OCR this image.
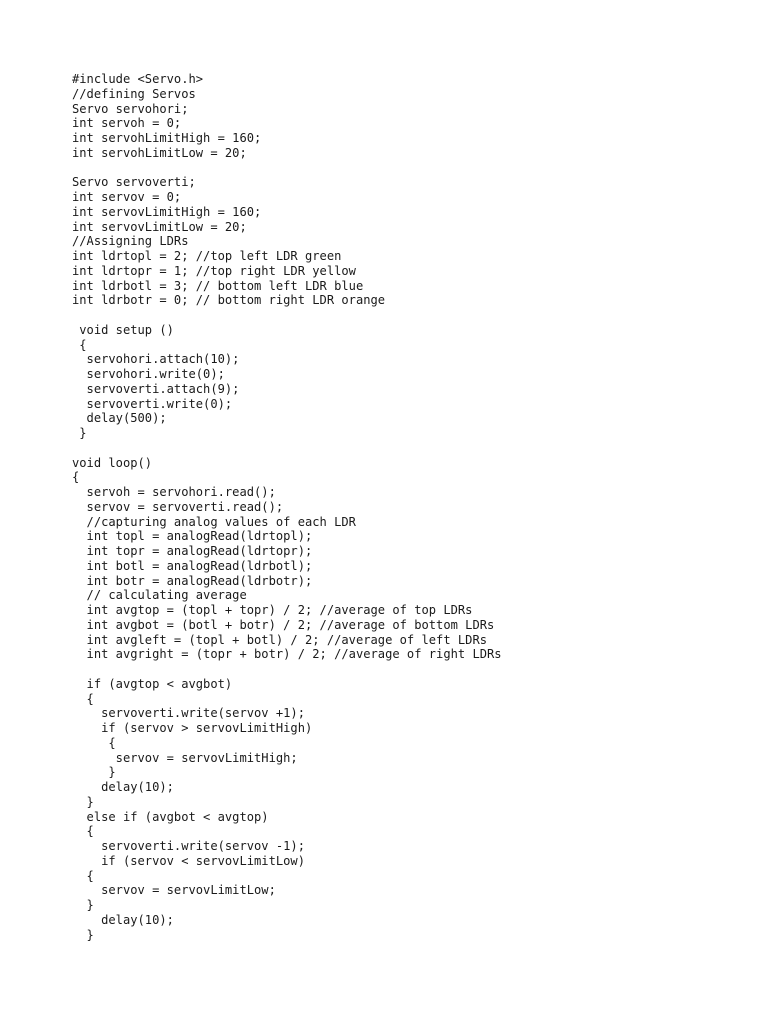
#include <Servo.h>
//defining Servos
Servo servohori;
int servoh = 0;
int servohLimitHigh = 160;
int servohLimitLow = 20;
Servo servoverti;
int servov = 0;
int servovLimitHigh = 160;
int servovLimitLow = 20;
//Assigning LDRs
int ldrtopl = 2; //top left LDR green
int ldrtopr = 1; //top right LDR yellow
int ldrbotl = 3; // bottom left LDR blue
int ldrbotr = 0; // bottom right LDR orange
void setup ()
{
servohori.attach(10);
servohori.write(0);
servoverti.attach(9);
servoverti.write(0);
delay(500);
}
void loop()
{
servoh = servohori.read();
servov = servoverti.read();
//capturing analog values of each LDR
int topl = analogRead(ldrtopl);
int topr = analogRead(ldrtopr);
int botl = analogRead(ldrbotl);
int botr = analogRead(ldrbotr);
// calculating average
int avgtop = (topl + topr) / 2; //average of top LDRs
int avgbot = (botl + botr) / 2; //average of bottom LDRs
int avgleft = (topl + botl) / 2; //average of left LDRs
int avgright = (topr + botr) / 2; //average of right LDRs
if (avgtop < avgbot)
{
servoverti.write(servov +1);
if (servov > servovLimitHigh)
{
servov = servovLimitHigh;
}
delay(10);
}
else if (avgbot < avgtop)
{
servoverti.write(servov -1);
if (servov < servovLimitLow)
{
servov = servovLimitLow;
}
delay(10);
}
